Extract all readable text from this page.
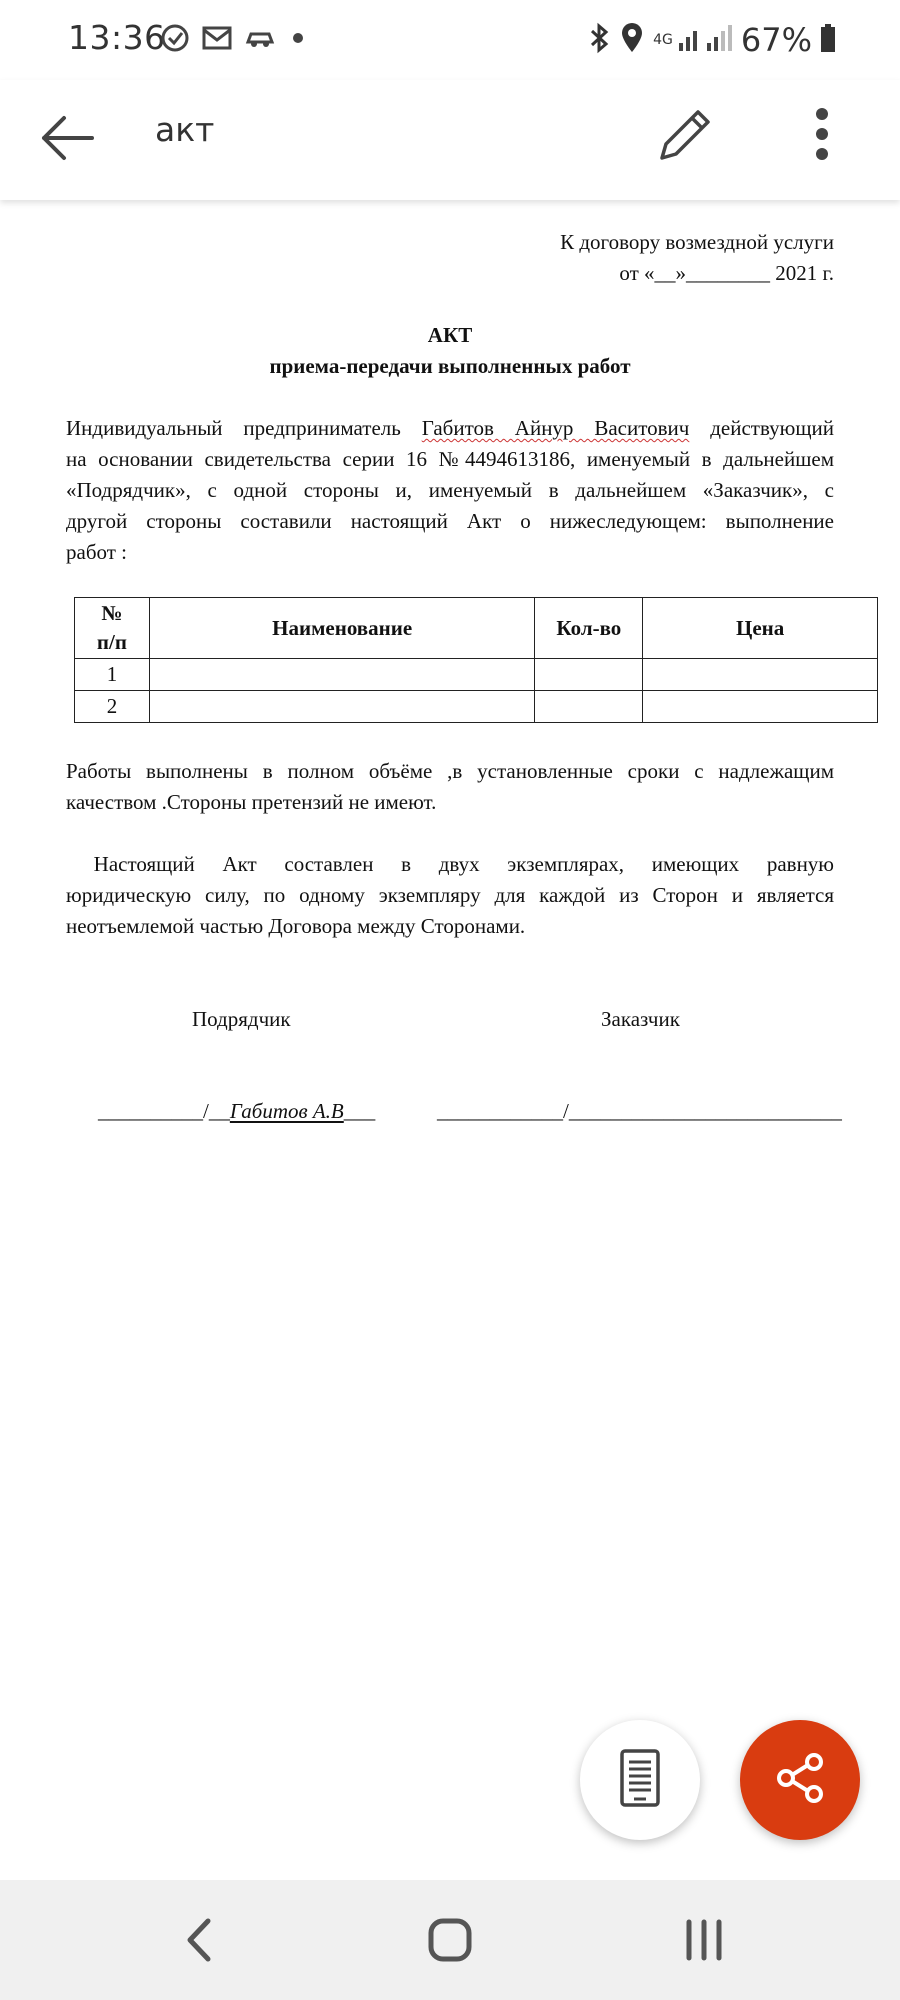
13:36	4G 67%
акт
К договору возмездной услуги
от «__»________ 2021 г.
АКТ
приема-передачи выполненных работ
Индивидуальный предприниматель Габитов Айнур Васитович действующий
на основании свидетельства серии 16 №4494613186, именуемый в дальнейшем
«Подрядчик», с одной стороны и, именуемый в дальнейшем «Заказчик», с
другой стороны составили настоящий Акт о нижеследующем: выполнение
работ :
№
п/п	Наименование	Кол-во	Цена
1			
2			
Работы выполнены в полном объёме ,в установленные сроки с надлежащим
качеством .Стороны претензий не имеют.
Настоящий Акт составлен в двух экземплярах, имеющих равную
юридическую силу, по одному экземпляру для каждой из Сторон и является
неотъемлемой частью Договора между Сторонами.
Подрядчик	Заказчик
__________/__Габитов А.В___	____________/__________________________
